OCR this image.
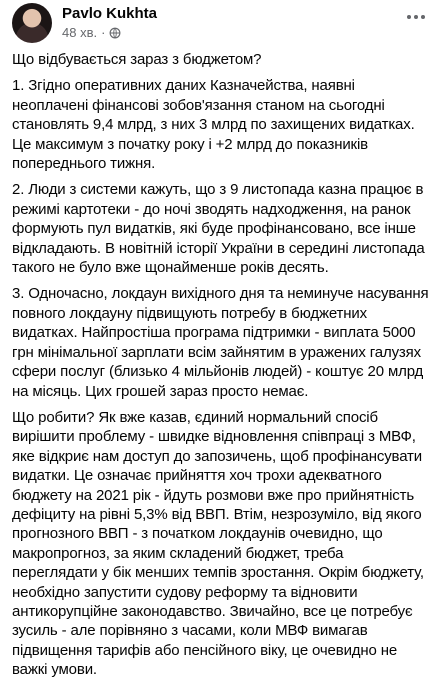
Pavlo Kukhta
48 хв. ·

Що відбувається зараз з бюджетом?

1. Згідно оперативних даних Казначейства, наявні неоплачені фінансові зобов'язання станом на сьогодні становлять 9,4 млрд, з них 3 млрд по захищених видатках. Це максимум з початку року і +2 млрд до показників попереднього тижня.

2. Люди з системи кажуть, що з 9 листопада казна працює в режимі картотеки - до ночі зводять надходження, на ранок формують пул видатків, які буде профінансовано, все інше відкладають. В новітній історії України в середині листопада такого не було вже щонайменше років десять.

3. Одночасно, локдаун вихідного дня та неминуче насування повного локдауну підвищують потребу в бюджетних видатках. Найпростіша програма підтримки - виплата 5000 грн мінімальної зарплати всім зайнятим в уражених галузях сфери послуг (близько 4 мільйонів людей) - коштує 20 млрд на місяць. Цих грошей зараз просто немає.

Що робити? Як вже казав, єдиний нормальний спосіб вирішити проблему - швидке відновлення співпраці з МВФ, яке відкриє нам доступ до запозичень, щоб профінансувати видатки. Це означає прийняття хоч трохи адекватного бюджету на 2021 рік - йдуть розмови вже про прийнятність дефіциту на рівні 5,3% від ВВП. Втім, незрозуміло, від якого прогнозного ВВП - з початком локдаунів очевидно, що макропрогноз, за яким складений бюджет, треба переглядати у бік менших темпів зростання. Окрім бюджету, необхідно запустити судову реформу та відновити антикорупційне законодавство. Звичайно, все це потребує зусиль - але порівняно з часами, коли МВФ вимагав підвищення тарифів або пенсійного віку, це очевидно не важкі умови.
